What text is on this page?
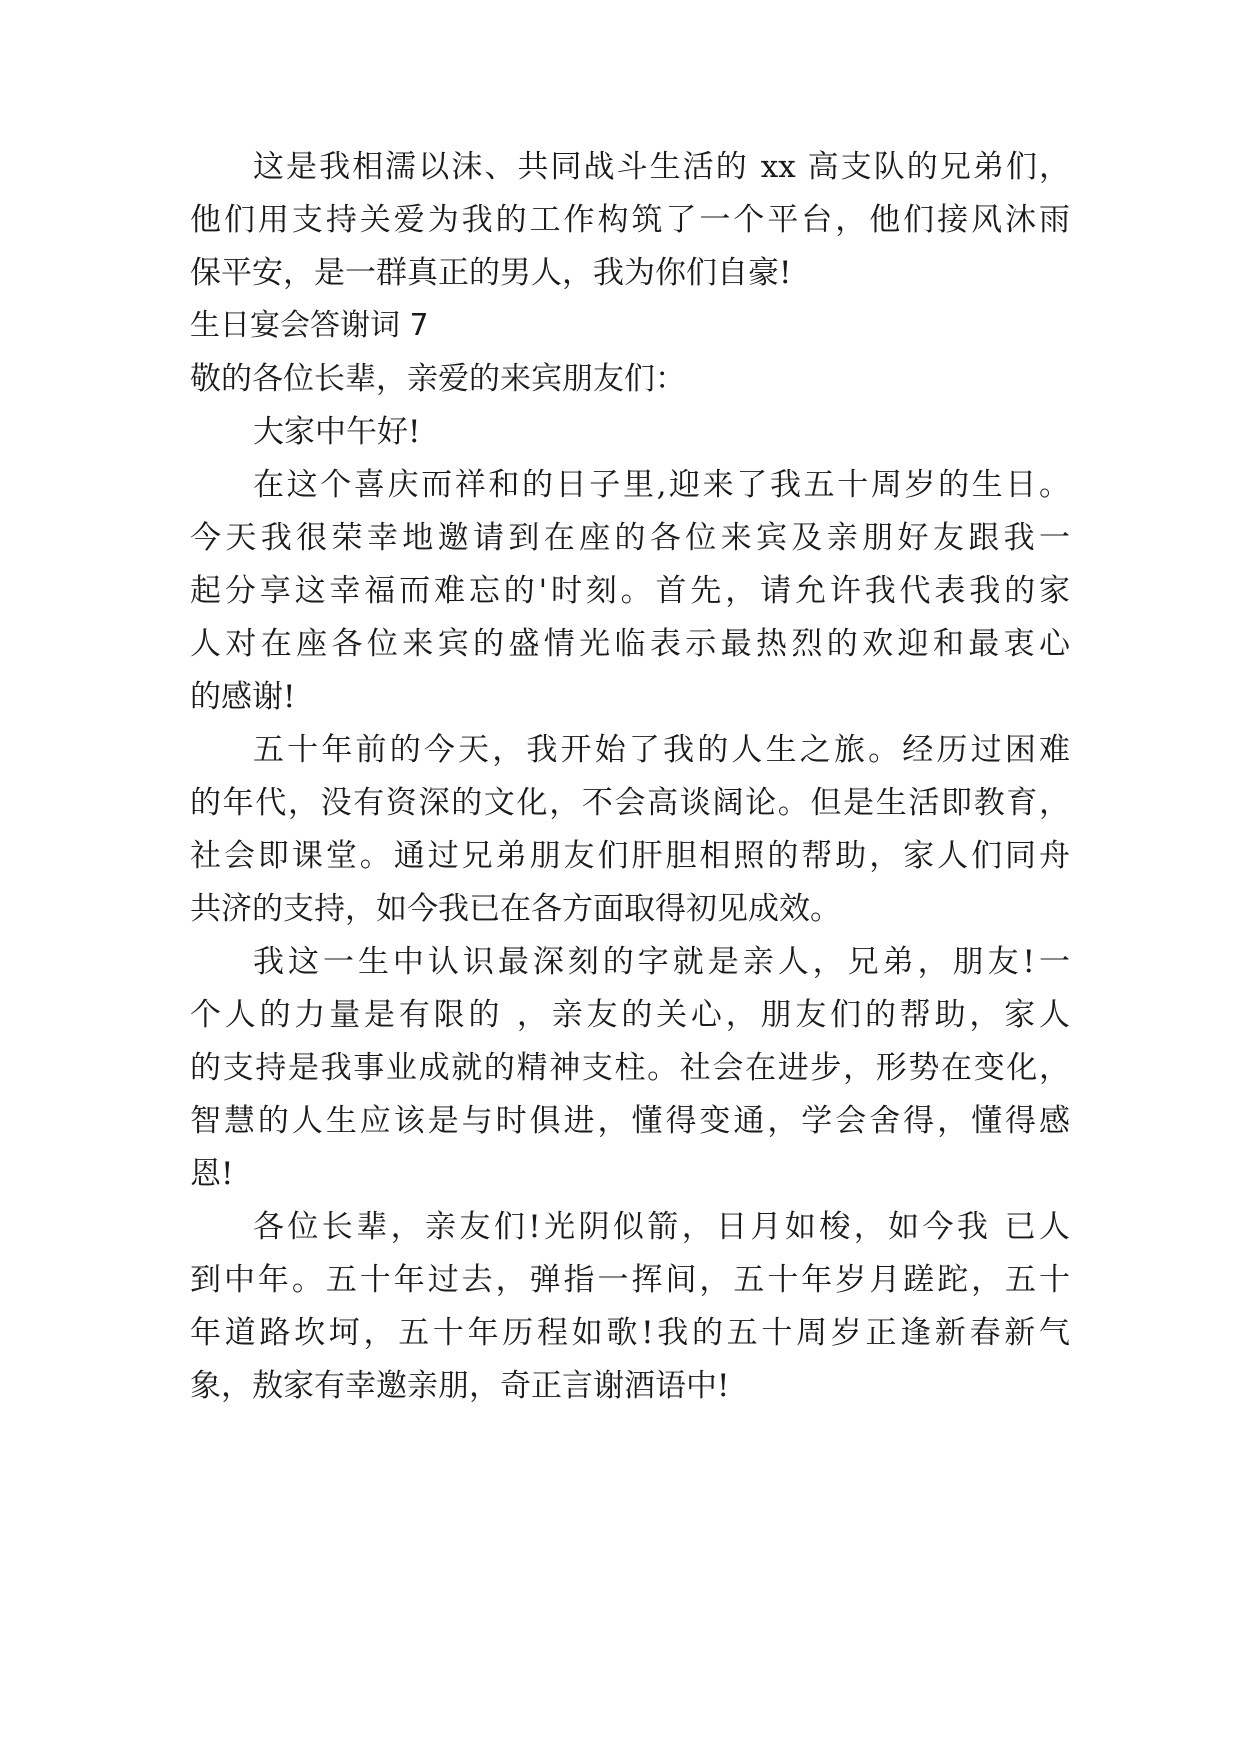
这是我相濡以沫、共同战斗生活的 xx 高支队的兄弟们，
他们用支持关爱为我的工作构筑了一个平台，他们接风沐雨
保平安，是一群真正的男人，我为你们自豪!
生日宴会答谢词 7
敬的各位长辈，亲爱的来宾朋友们：
大家中午好!
在这个喜庆而祥和的日子里,迎来了我五十周岁的生日。
今天我很荣幸地邀请到在座的各位来宾及亲朋好友跟我一
起分享这幸福而难忘的'时刻。首先，请允许我代表我的家
人对在座各位来宾的盛情光临表示最热烈的欢迎和最衷心
的感谢!
五十年前的今天，我开始了我的人生之旅。经历过困难
的年代，没有资深的文化，不会高谈阔论。但是生活即教育，
社会即课堂。通过兄弟朋友们肝胆相照的帮助，家人们同舟
共济的支持，如今我已在各方面取得初见成效。
我这一生中认识最深刻的字就是亲人，兄弟，朋友!一
个人的力量是有限的 ，亲友的关心，朋友们的帮助，家人
的支持是我事业成就的精神支柱。社会在进步，形势在变化，
智慧的人生应该是与时俱进，懂得变通，学会舍得，懂得感
恩!
各位长辈，亲友们!光阴似箭，日月如梭，如今我 已人
到中年。五十年过去，弹指一挥间，五十年岁月蹉跎，五十
年道路坎坷，五十年历程如歌!我的五十周岁正逢新春新气
象，敖家有幸邀亲朋，奇正言谢酒语中!
